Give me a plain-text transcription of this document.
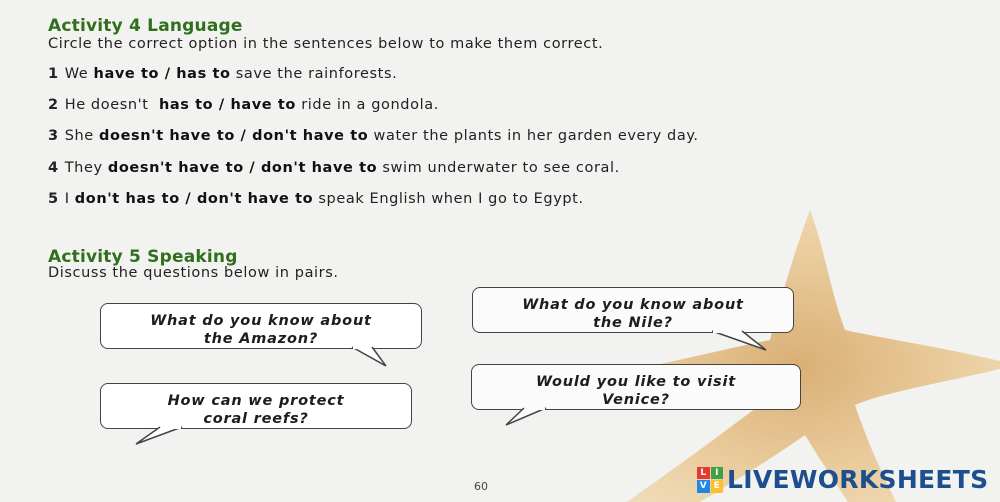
Activity 4 Language
Circle the correct option in the sentences below to make them correct.
1 We have to / has to save the rainforests.
2 He doesn't  has to / have to ride in a gondola.
3 She doesn't have to / don't have to water the plants in her garden every day.
4 They doesn't have to / don't have to swim underwater to see coral.
5 I don't has to / don't have to speak English when I go to Egypt.
Activity 5 Speaking
Discuss the questions below in pairs.
What do you know about
the Amazon?
How can we protect
coral reefs?
What do you know about
the Nile?
Would you like to visit
Venice?
60
L I
V E LIVEWORKSHEETS
